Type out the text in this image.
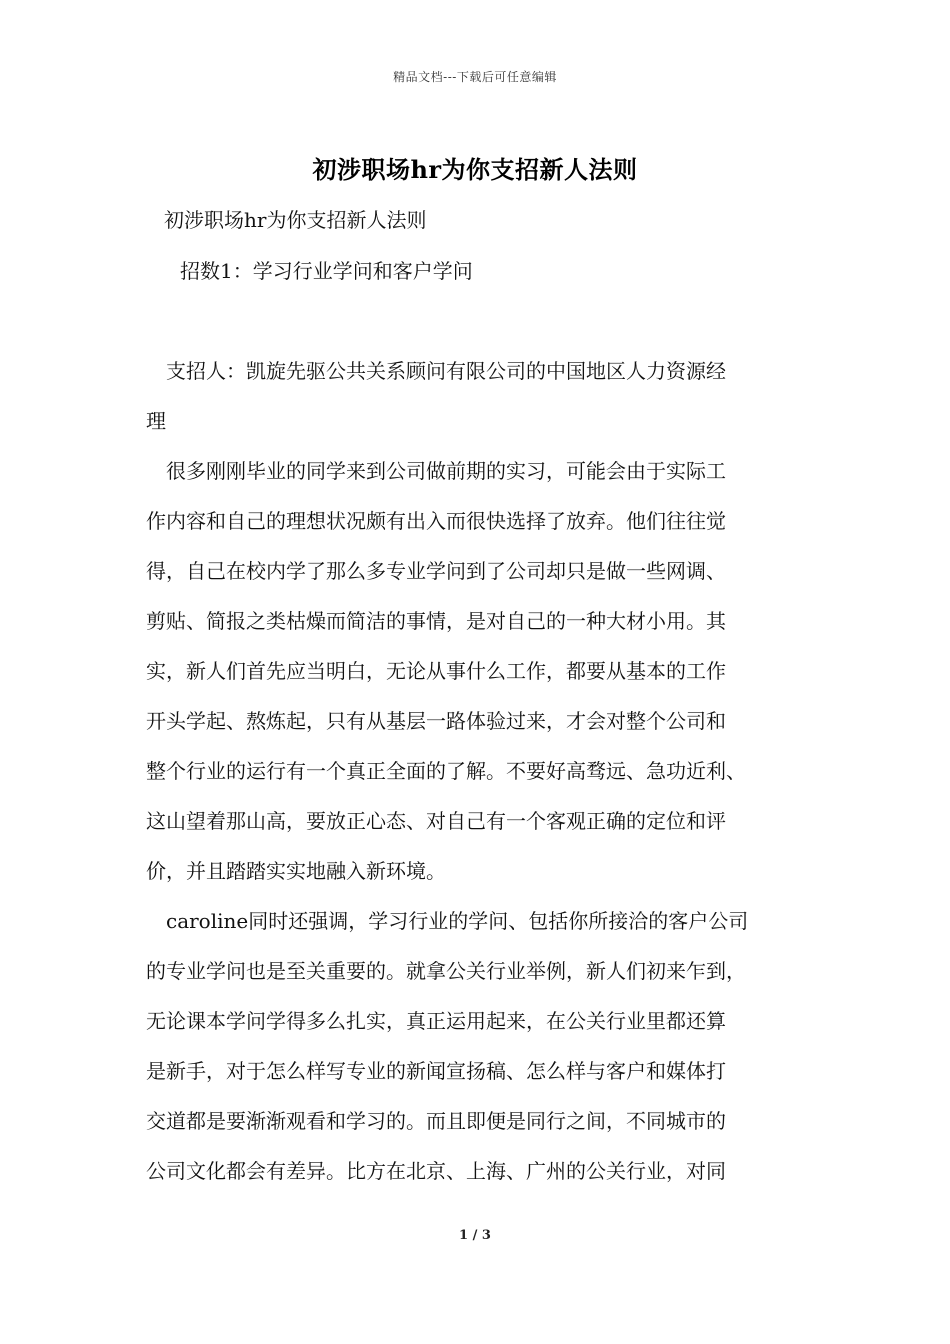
精品文档---下载后可任意编辑
初涉职场hr为你支招新人法则
初涉职场hr为你支招新人法则
招数1：学习行业学问和客户学问
支招人：凯旋先驱公共关系顾问有限公司的中国地区人力资源经
理
很多刚刚毕业的同学来到公司做前期的实习，可能会由于实际工
作内容和自己的理想状况颇有出入而很快选择了放弃。他们往往觉
得，自己在校内学了那么多专业学问到了公司却只是做一些网调、
剪贴、简报之类枯燥而简洁的事情，是对自己的一种大材小用。其
实，新人们首先应当明白，无论从事什么工作，都要从基本的工作
开头学起、熬炼起，只有从基层一路体验过来，才会对整个公司和
整个行业的运行有一个真正全面的了解。不要好高骛远、急功近利、
这山望着那山高，要放正心态、对自己有一个客观正确的定位和评
价，并且踏踏实实地融入新环境。
caroline同时还强调，学习行业的学问、包括你所接洽的客户公司
的专业学问也是至关重要的。就拿公关行业举例，新人们初来乍到，
无论课本学问学得多么扎实，真正运用起来，在公关行业里都还算
是新手，对于怎么样写专业的新闻宣扬稿、怎么样与客户和媒体打
交道都是要渐渐观看和学习的。而且即便是同行之间，不同城市的
公司文化都会有差异。比方在北京、上海、广州的公关行业，对同
1 / 3
